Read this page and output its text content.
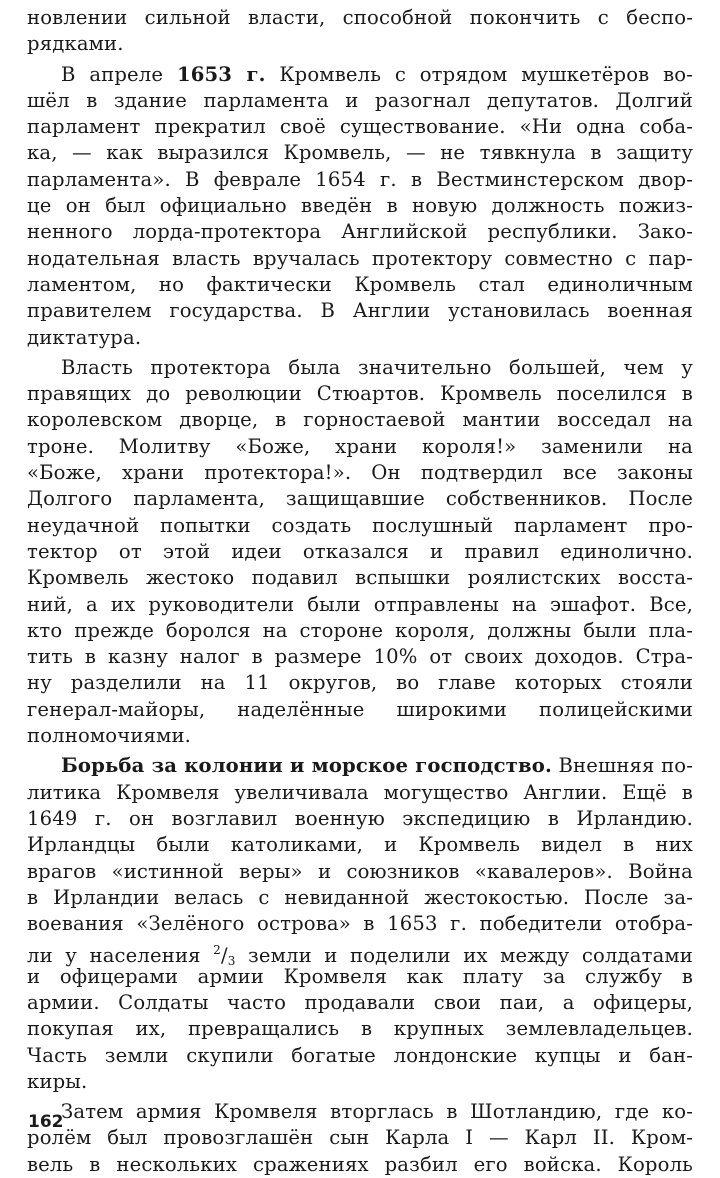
новлении сильной власти, способной покончить с беспо-
рядками.
В апреле 1653 г. Кромвель с отрядом мушкетёров во-
шёл в здание парламента и разогнал депутатов. Долгий
парламент прекратил своё существование. «Ни одна соба-
ка, — как выразился Кромвель, — не тявкнула в защиту
парламента». В феврале 1654 г. в Вестминстерском двор-
це он был официально введён в новую должность пожиз-
ненного лорда-протектора Английской республики. Зако-
нодательная власть вручалась протектору совместно с пар-
ламентом, но фактически Кромвель стал единоличным
правителем государства. В Англии установилась военная
диктатура.
Власть протектора была значительно большей, чем у
правящих до революции Стюартов. Кромвель поселился в
королевском дворце, в горностаевой мантии восседал на
троне. Молитву «Боже, храни короля!» заменили на
«Боже, храни протектора!». Он подтвердил все законы
Долгого парламента, защищавшие собственников. После
неудачной попытки создать послушный парламент про-
тектор от этой идеи отказался и правил единолично.
Кромвель жестоко подавил вспышки роялистских восста-
ний, а их руководители были отправлены на эшафот. Все,
кто прежде боролся на стороне короля, должны были пла-
тить в казну налог в размере 10% от своих доходов. Стра-
ну разделили на 11 округов, во главе которых стояли
генерал-майоры, наделённые широкими полицейскими
полномочиями.
Борьба за колонии и морское господство. Внешняя по-
литика Кромвеля увеличивала могущество Англии. Ещё в
1649 г. он возглавил военную экспедицию в Ирландию.
Ирландцы были католиками, и Кромвель видел в них
врагов «истинной веры» и союзников «кавалеров». Война
в Ирландии велась с невиданной жестокостью. После за-
воевания «Зелёного острова» в 1653 г. победители отобра-
ли у населения $^2/_3$ земли и поделили их между солдатами
и офицерами армии Кромвеля как плату за службу в
армии. Солдаты часто продавали свои паи, а офицеры,
покупая их, превращались в крупных землевладельцев.
Часть земли скупили богатые лондонские купцы и бан-
киры.
Затем армия Кромвеля вторглась в Шотландию, где ко-
ролём был провозглашён сын Карла I — Карл II. Кром-
вель в нескольких сражениях разбил его войска. Король
162
